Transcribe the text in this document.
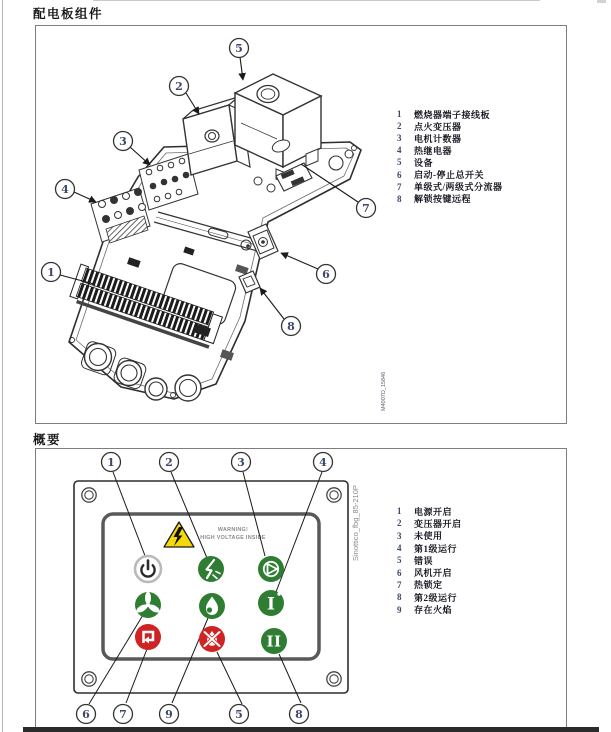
配电板组件
1
2
3
4
5
6
7
8
M4007D_15846
1	燃烧器端子接线板
2	点火变压器
3	电机计数器
4	热继电器
5	设备
6	启动-停止总开关
7	单级式/两级式分流器
8	解锁按键远程
概要
WARNING!
HIGH VOLTAGE INSIDE
I
II
1	2	3	4
6	7	9	5	8
Sinottico_fbg_85-210P	1	电源开启
2	变压器开启
3	未使用
4	第1级运行
5	错误
6	风机开启
7	热锁定
8	第2级运行
9	存在火焰
